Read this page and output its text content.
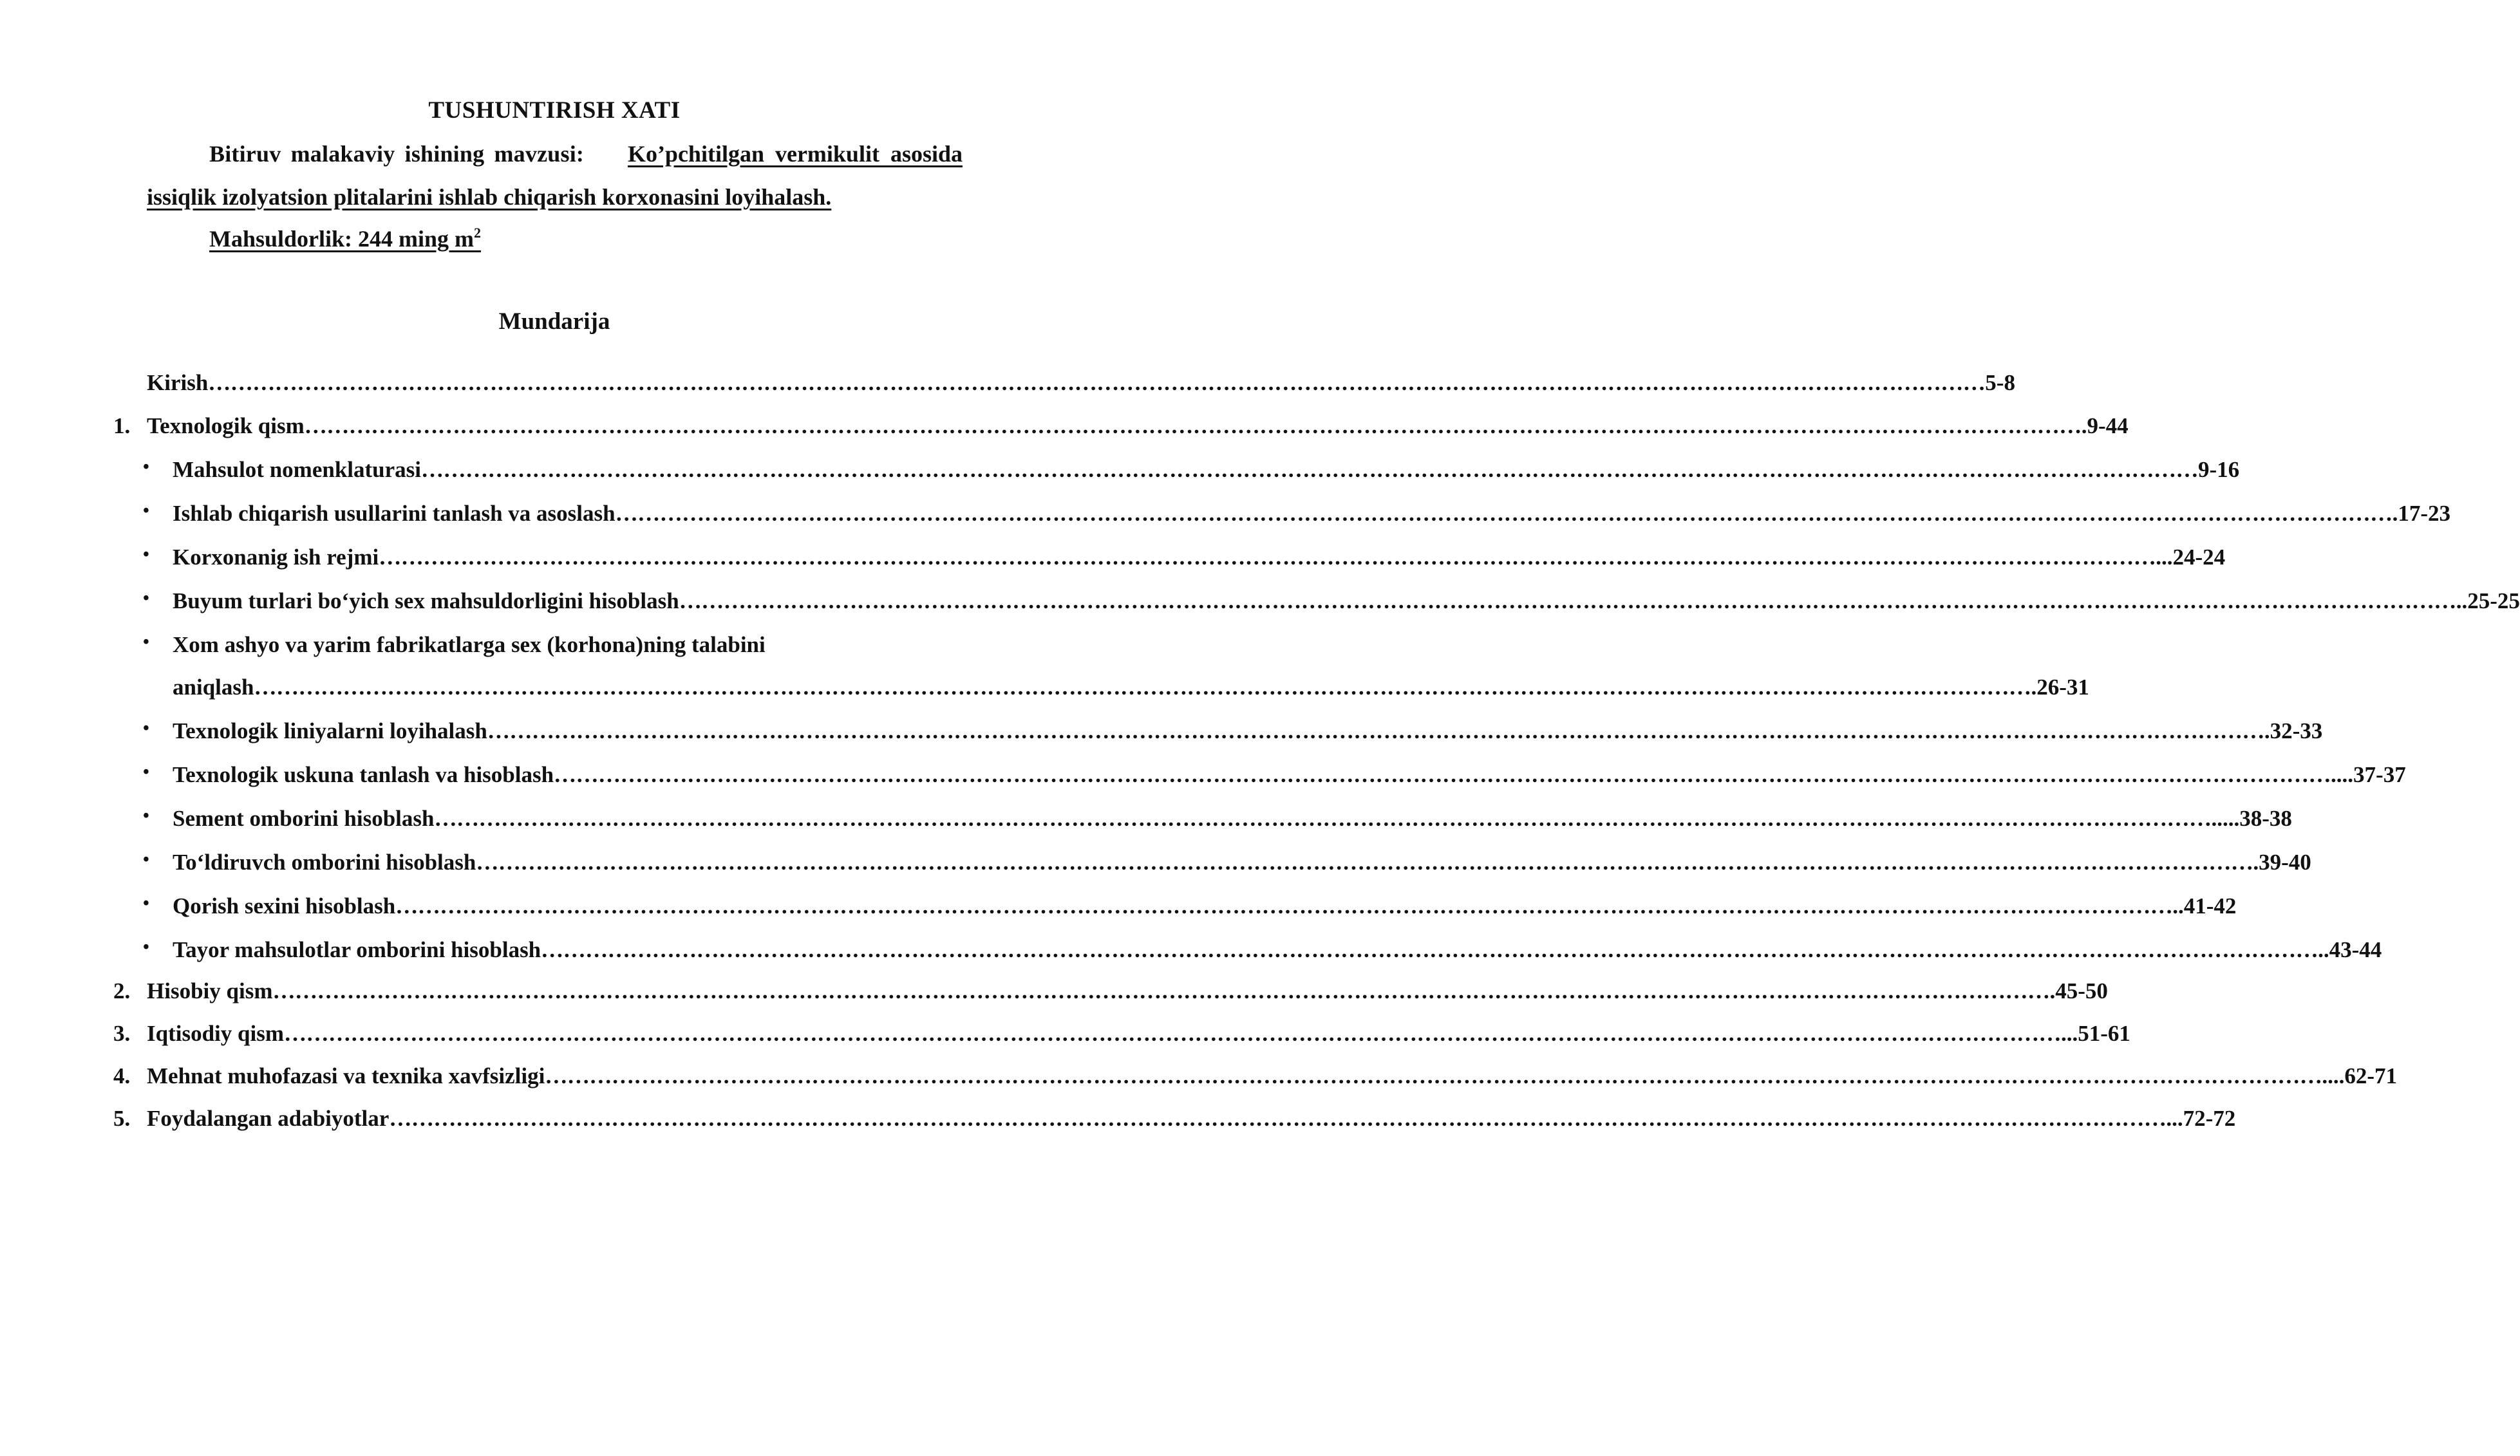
TUSHUNTIRISH XATI
Bitiruv malakaviy ishining mavzusi: Ko’pchitilgan vermikulit asosida
issiqlik izolyatsion plitalarini ishlab chiqarish korxonasini loyihalash.
Mahsuldorlik: 244 ming $m^2$
Mundarija
Kirish …………………………………………………………………………………………………………………………………………………………………………………………………………………… 5-8
1. Texnologik qism …………………………………………………………………………………………………………………………………………………………………………………………………………………… .9-44
• Mahsulot nomenklaturasi …………………………………………………………………………………………………………………………………………………………………………………………………………………… 9-16
• Ishlab chiqarish usullarini tanlash va asoslash …………………………………………………………………………………………………………………………………………………………………………………………………………………… .17-23
• Korxonanig ish rejmi …………………………………………………………………………………………………………………………………………………………………………………………………………………… ...24-24
• Buyum turlari bo‘yich sex mahsuldorligini hisoblash …………………………………………………………………………………………………………………………………………………………………………………………………………………… ..25-25
• Xom ashyo va yarim fabrikatlarga sex (korhona)ning talabini
aniqlash …………………………………………………………………………………………………………………………………………………………………………………………………………………… .26-31
• Texnologik liniyalarni loyihalash …………………………………………………………………………………………………………………………………………………………………………………………………………………… .32-33
• Texnologik uskuna tanlash va hisoblash …………………………………………………………………………………………………………………………………………………………………………………………………………………… ....37-37
• Sement omborini hisoblash …………………………………………………………………………………………………………………………………………………………………………………………………………………… .....38-38
• To‘ldiruvch omborini hisoblash …………………………………………………………………………………………………………………………………………………………………………………………………………………… .39-40
• Qorish sexini hisoblash …………………………………………………………………………………………………………………………………………………………………………………………………………………… ..41-42
• Tayor mahsulotlar omborini hisoblash …………………………………………………………………………………………………………………………………………………………………………………………………………………… ..43-44
2. Hisobiy qism …………………………………………………………………………………………………………………………………………………………………………………………………………………… .45-50
3. Iqtisodiy qism …………………………………………………………………………………………………………………………………………………………………………………………………………………… ...51-61
4. Mehnat muhofazasi va texnika xavfsizligi …………………………………………………………………………………………………………………………………………………………………………………………………………………… ....62-71
5. Foydalangan adabiyotlar …………………………………………………………………………………………………………………………………………………………………………………………………………………… ...72-72
